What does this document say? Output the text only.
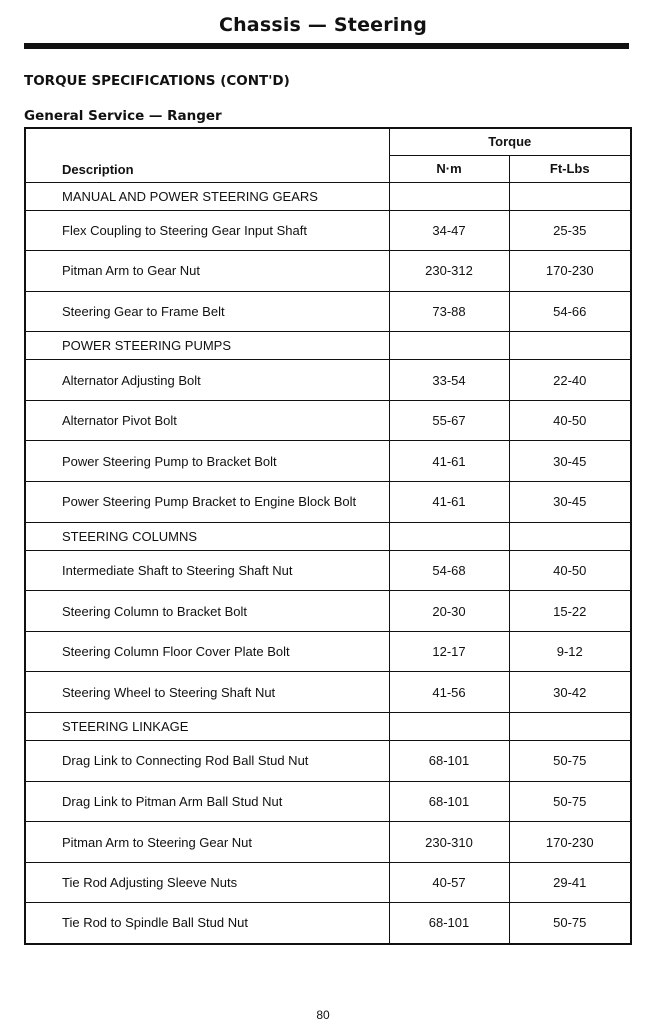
Chassis — Steering
TORQUE SPECIFICATIONS (CONT'D)
General Service — Ranger
Description	Torque	
	N·m	Ft-Lbs
MANUAL AND POWER STEERING GEARS		
Flex Coupling to Steering Gear Input Shaft	34-47	25-35
Pitman Arm to Gear Nut	230-312	170-230
Steering Gear to Frame Belt	73-88	54-66
POWER STEERING PUMPS		
Alternator Adjusting Bolt	33-54	22-40
Alternator Pivot Bolt	55-67	40-50
Power Steering Pump to Bracket Bolt	41-61	30-45
Power Steering Pump Bracket to Engine Block Bolt	41-61	30-45
STEERING COLUMNS		
Intermediate Shaft to Steering Shaft Nut	54-68	40-50
Steering Column to Bracket Bolt	20-30	15-22
Steering Column Floor Cover Plate Bolt	12-17	9-12
Steering Wheel to Steering Shaft Nut	41-56	30-42
STEERING LINKAGE		
Drag Link to Connecting Rod Ball Stud Nut	68-101	50-75
Drag Link to Pitman Arm Ball Stud Nut	68-101	50-75
Pitman Arm to Steering Gear Nut	230-310	170-230
Tie Rod Adjusting Sleeve Nuts	40-57	29-41
Tie Rod to Spindle Ball Stud Nut	68-101	50-75
80
